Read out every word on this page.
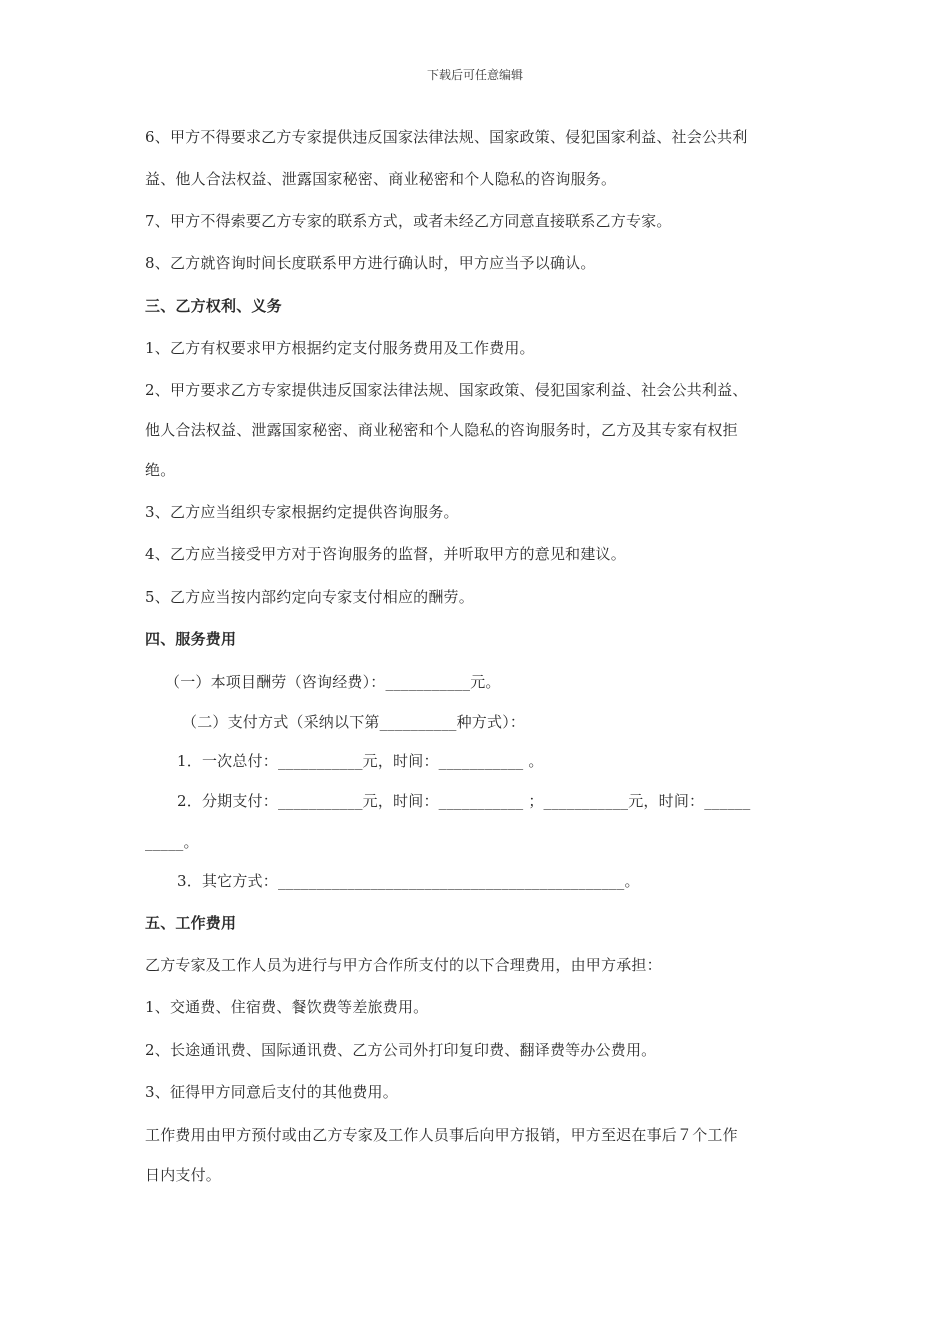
下载后可任意编辑
6、甲方不得要求乙方专家提供违反国家法律法规、国家政策、侵犯国家利益、社会公共利
益、他人合法权益、泄露国家秘密、商业秘密和个人隐私的咨询服务。
7、甲方不得索要乙方专家的联系方式，或者未经乙方同意直接联系乙方专家。
8、乙方就咨询时间长度联系甲方进行确认时，甲方应当予以确认。
三、乙方权利、义务
1、乙方有权要求甲方根据约定支付服务费用及工作费用。
2、甲方要求乙方专家提供违反国家法律法规、国家政策、侵犯国家利益、社会公共利益、
他人合法权益、泄露国家秘密、商业秘密和个人隐私的咨询服务时，乙方及其专家有权拒
绝。
3、乙方应当组织专家根据约定提供咨询服务。
4、乙方应当接受甲方对于咨询服务的监督，并听取甲方的意见和建议。
5、乙方应当按内部约定向专家支付相应的酬劳。
四、服务费用
（一）本项目酬劳（咨询经费）：___________元。
（二）支付方式（采纳以下第__________种方式）：
1．一次总付：___________元，时间：___________ 。
2．分期支付：___________元，时间：___________ ；___________元，时间：______
_____。
3．其它方式：_____________________________________________。
五、工作费用
乙方专家及工作人员为进行与甲方合作所支付的以下合理费用，由甲方承担：
1、交通费、住宿费、餐饮费等差旅费用。
2、长途通讯费、国际通讯费、乙方公司外打印复印费、翻译费等办公费用。
3、征得甲方同意后支付的其他费用。
工作费用由甲方预付或由乙方专家及工作人员事后向甲方报销，甲方至迟在事后７个工作
日内支付。
